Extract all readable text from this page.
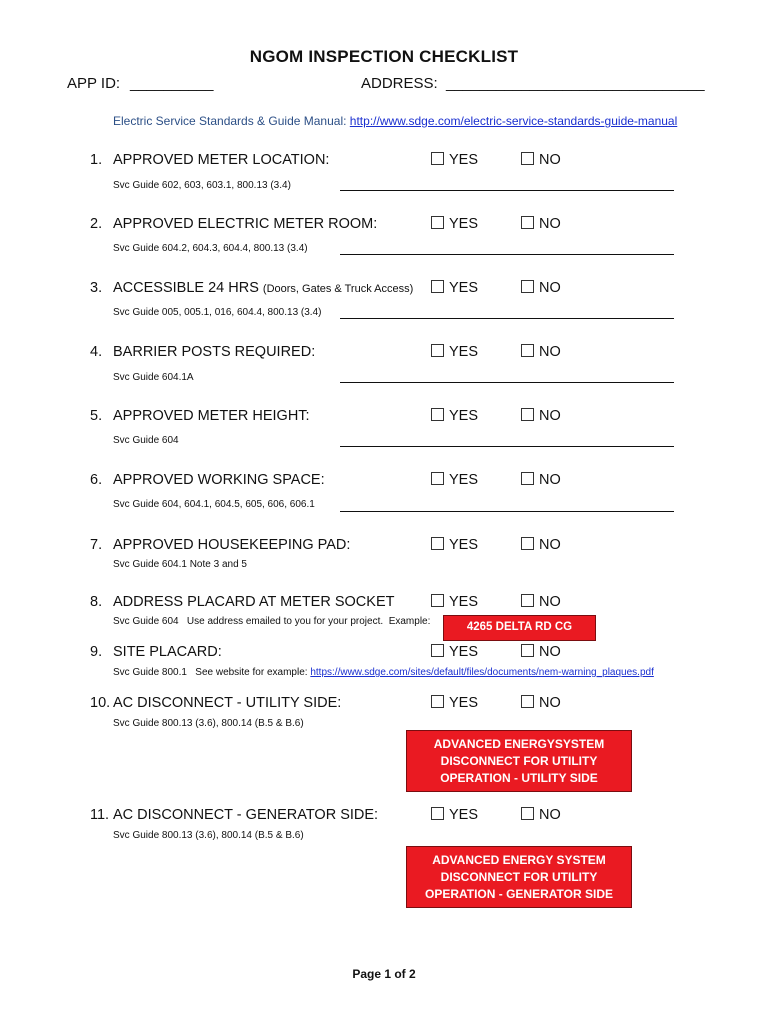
NGOM INSPECTION CHECKLIST
APP ID: __________	ADDRESS: _______________________________
Electric Service Standards & Guide Manual: http://www.sdge.com/electric-service-standards-guide-manual
1. APPROVED METER LOCATION:	YES	NO
Svc Guide 602, 603, 603.1, 800.13 (3.4)
2. APPROVED ELECTRIC METER ROOM:	YES	NO
Svc Guide 604.2, 604.3, 604.4, 800.13 (3.4)
3. ACCESSIBLE 24 HRS (Doors, Gates & Truck Access)	YES	NO
Svc Guide 005, 005.1, 016, 604.4, 800.13 (3.4)
4. BARRIER POSTS REQUIRED:	YES	NO
Svc Guide 604.1A
5. APPROVED METER HEIGHT:	YES	NO
Svc Guide 604
6. APPROVED WORKING SPACE:	YES	NO
Svc Guide 604, 604.1, 604.5, 605, 606, 606.1
7. APPROVED HOUSEKEEPING PAD:	YES	NO
Svc Guide 604.1 Note 3 and 5
8. ADDRESS PLACARD AT METER SOCKET	YES	NO
Svc Guide 604   Use address emailed to you for your project.  Example:	4265 DELTA RD CG
9. SITE PLACARD:	YES	NO
Svc Guide 800.1   See website for example: https://www.sdge.com/sites/default/files/documents/nem-warning_plaques.pdf
10. AC DISCONNECT - UTILITY SIDE:	YES	NO
Svc Guide 800.13 (3.6), 800.14 (B.5 & B.6)
ADVANCED ENERGYSYSTEM
DISCONNECT FOR UTILITY
OPERATION - UTILITY SIDE
11. AC DISCONNECT - GENERATOR SIDE:	YES	NO
Svc Guide 800.13 (3.6), 800.14 (B.5 & B.6)
ADVANCED ENERGY SYSTEM
DISCONNECT FOR UTILITY
OPERATION - GENERATOR SIDE
Page 1 of 2
